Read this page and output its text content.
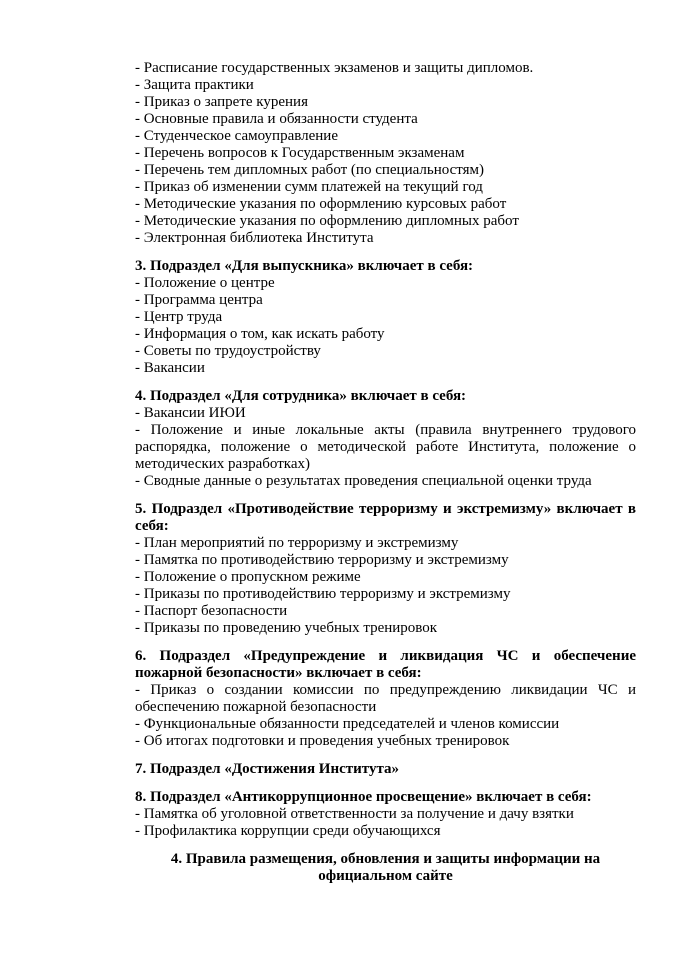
- Расписание государственных экзаменов и защиты дипломов.
- Защита практики
- Приказ о запрете курения
- Основные правила и обязанности студента
- Студенческое самоуправление
- Перечень вопросов к Государственным экзаменам
- Перечень тем дипломных работ (по специальностям)
- Приказ об изменении сумм платежей на текущий год
- Методические указания по оформлению курсовых работ
- Методические указания по оформлению дипломных работ
- Электронная библиотека Института
3. Подраздел «Для выпускника» включает в себя:
- Положение о центре
- Программа центра
- Центр труда
- Информация о том, как искать работу
- Советы по трудоустройству
- Вакансии
4. Подраздел «Для сотрудника» включает в себя:
- Вакансии ИЮИ
- Положение и иные локальные акты (правила внутреннего трудового распорядка, положение о методической работе Института, положение о методических разработках)
- Сводные данные о результатах проведения специальной оценки труда
5. Подраздел «Противодействие терроризму и экстремизму» включает в себя:
- План мероприятий по терроризму и экстремизму
- Памятка по противодействию терроризму и экстремизму
- Положение о пропускном режиме
- Приказы по противодействию терроризму и экстремизму
- Паспорт безопасности
- Приказы по проведению учебных тренировок
6. Подраздел «Предупреждение и ликвидация ЧС и обеспечение пожарной безопасности» включает в себя:
- Приказ о создании комиссии по предупреждению ликвидации ЧС и обеспечению пожарной безопасности
- Функциональные обязанности председателей и членов комиссии
- Об итогах подготовки и проведения учебных тренировок
7. Подраздел «Достижения Института»
8. Подраздел «Антикоррупционное просвещение» включает в себя:
- Памятка об уголовной ответственности за получение и дачу взятки
- Профилактика коррупции среди обучающихся
4. Правила размещения, обновления и защиты информации на официальном сайте
